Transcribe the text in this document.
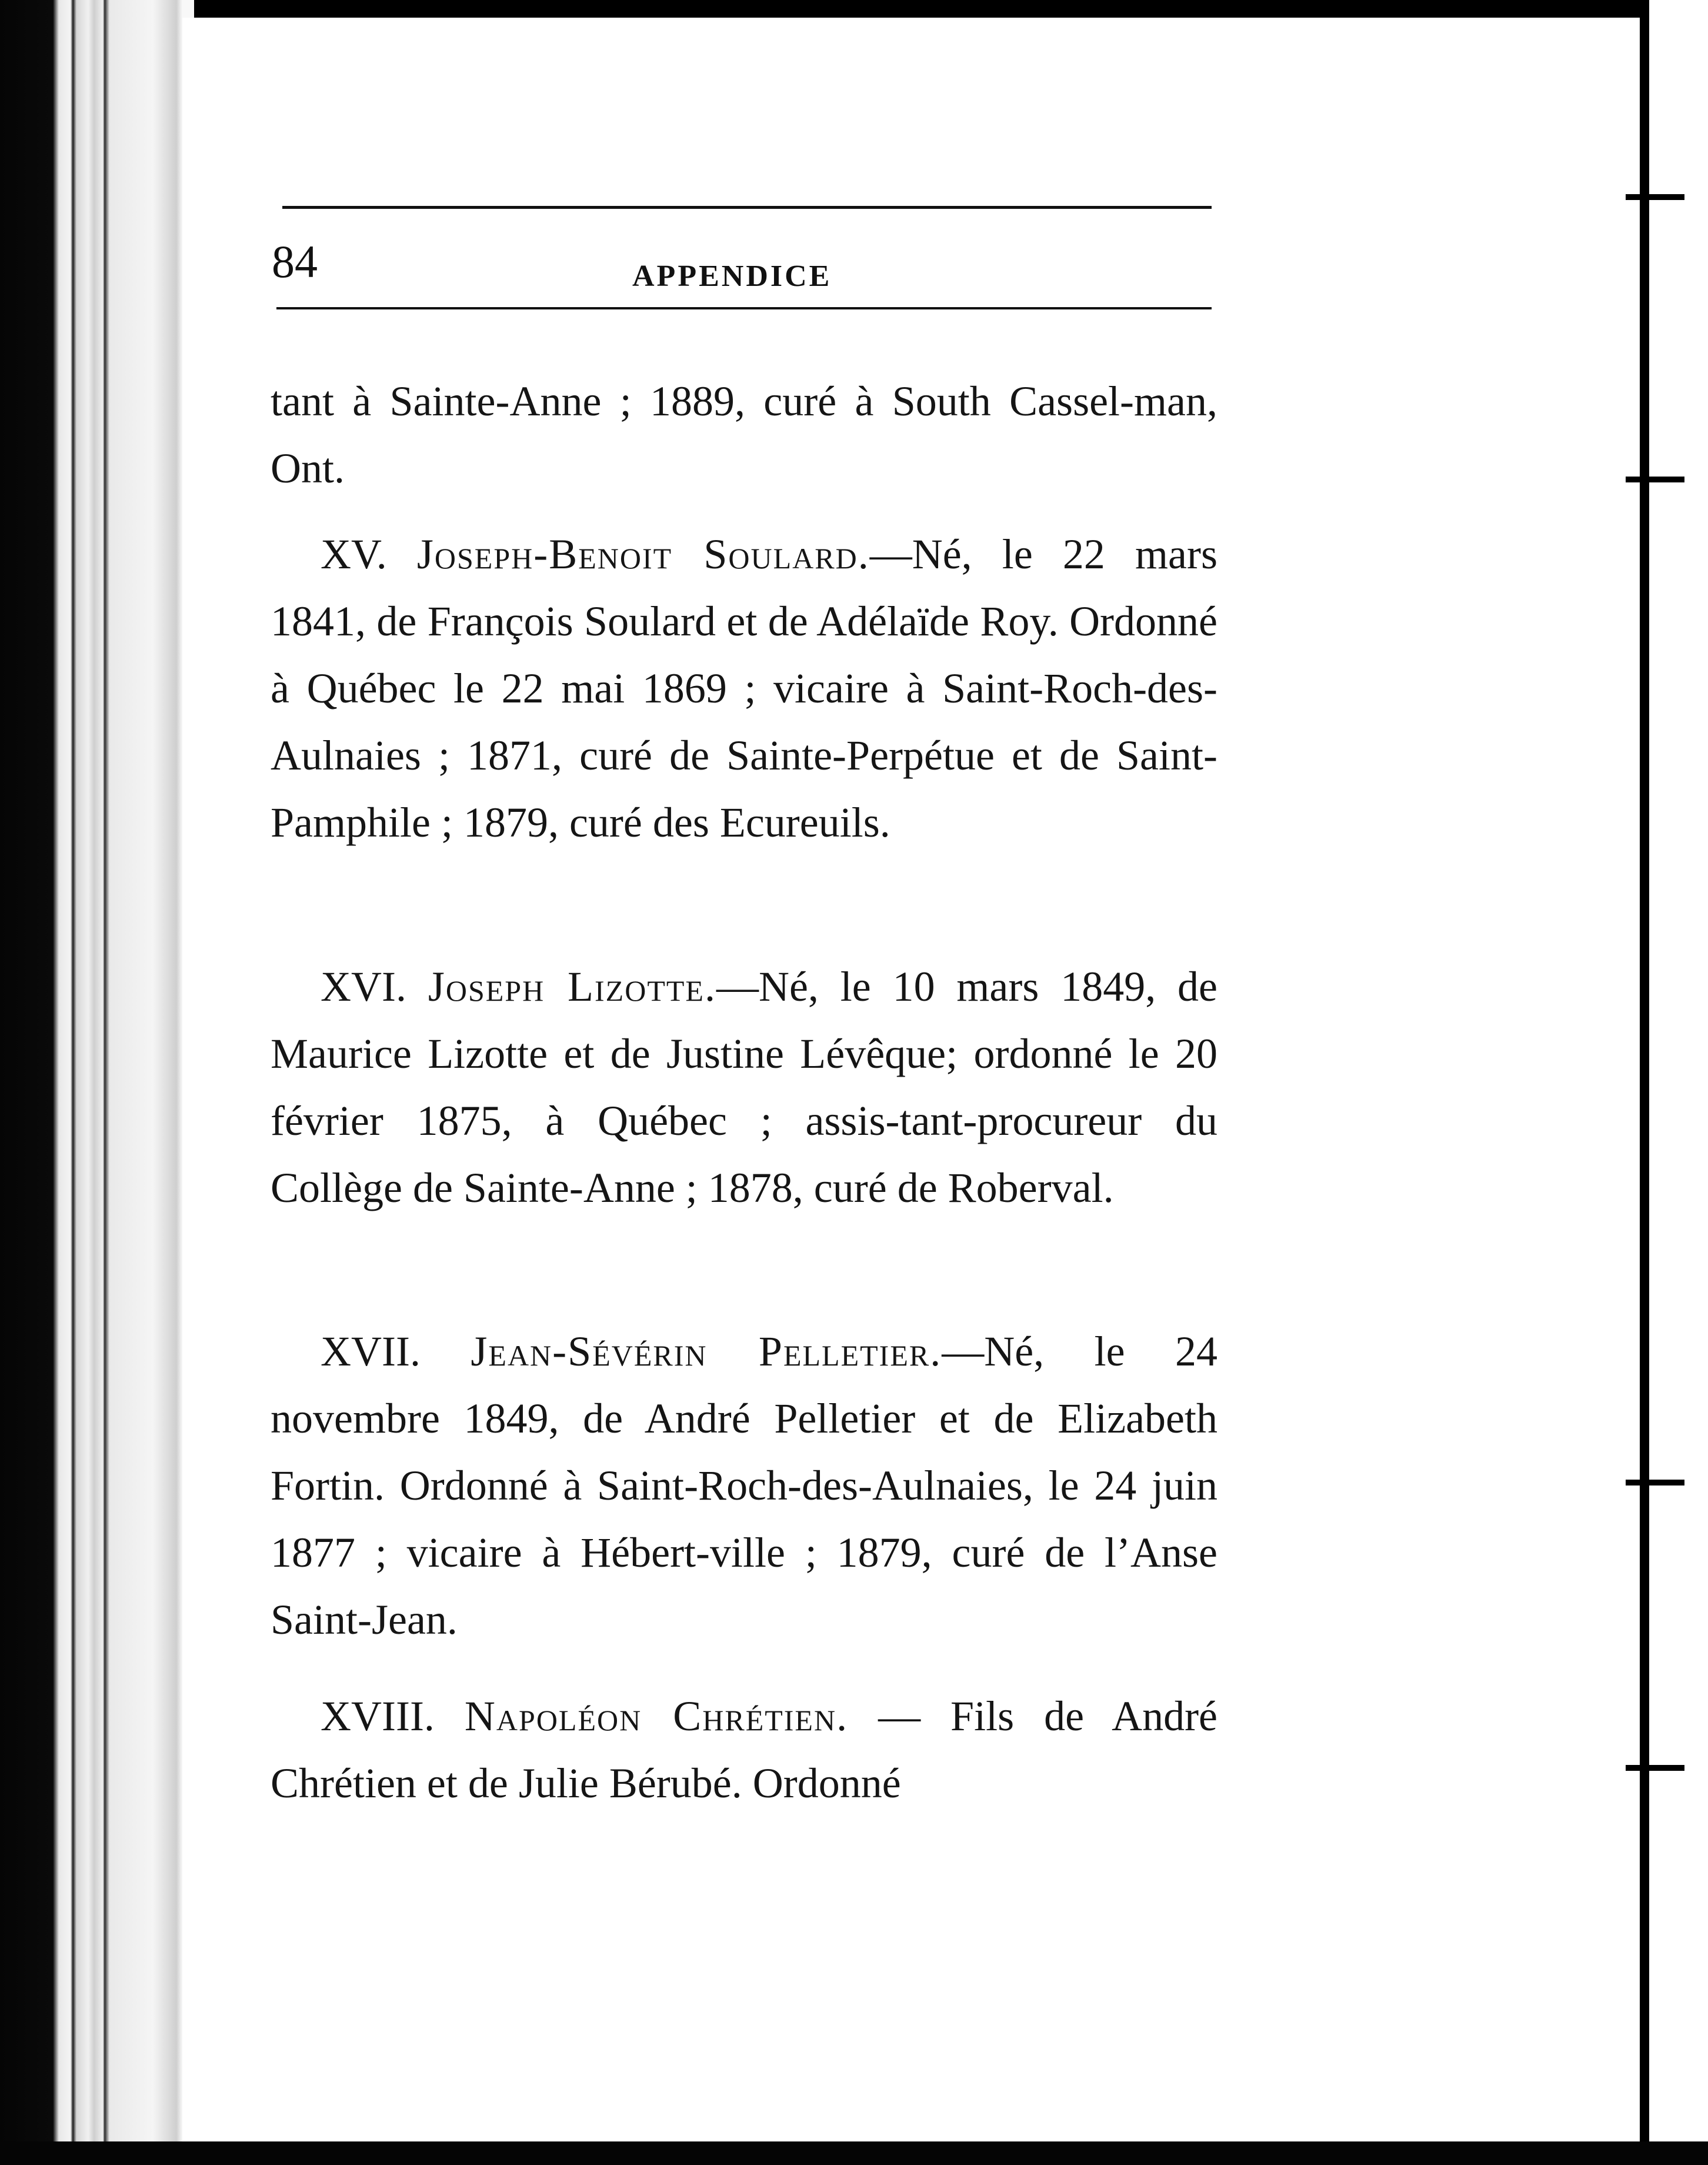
84	APPENDICE

tant à Sainte-Anne ; 1889, curé à South Cassel-man, Ont.

XV. Joseph-Benoit Soulard.—Né, le 22 mars 1841, de François Soulard et de Adélaïde Roy. Ordonné à Québec le 22 mai 1869 ; vicaire à Saint-Roch-des-Aulnaies ; 1871, curé de Sainte-Perpétue et de Saint-Pamphile ; 1879, curé des Ecureuils.

XVI. Joseph Lizotte.—Né, le 10 mars 1849, de Maurice Lizotte et de Justine Lévêque; ordonné le 20 février 1875, à Québec ; assis-tant-procureur du Collège de Sainte-Anne ; 1878, curé de Roberval.

XVII. Jean-Sévérin Pelletier.—Né, le 24 novembre 1849, de André Pelletier et de Elizabeth Fortin. Ordonné à Saint-Roch-des-Aulnaies, le 24 juin 1877 ; vicaire à Hébert-ville ; 1879, curé de l’Anse Saint-Jean.

XVIII. Napoléon Chrétien. — Fils de André Chrétien et de Julie Bérubé. Ordonné
